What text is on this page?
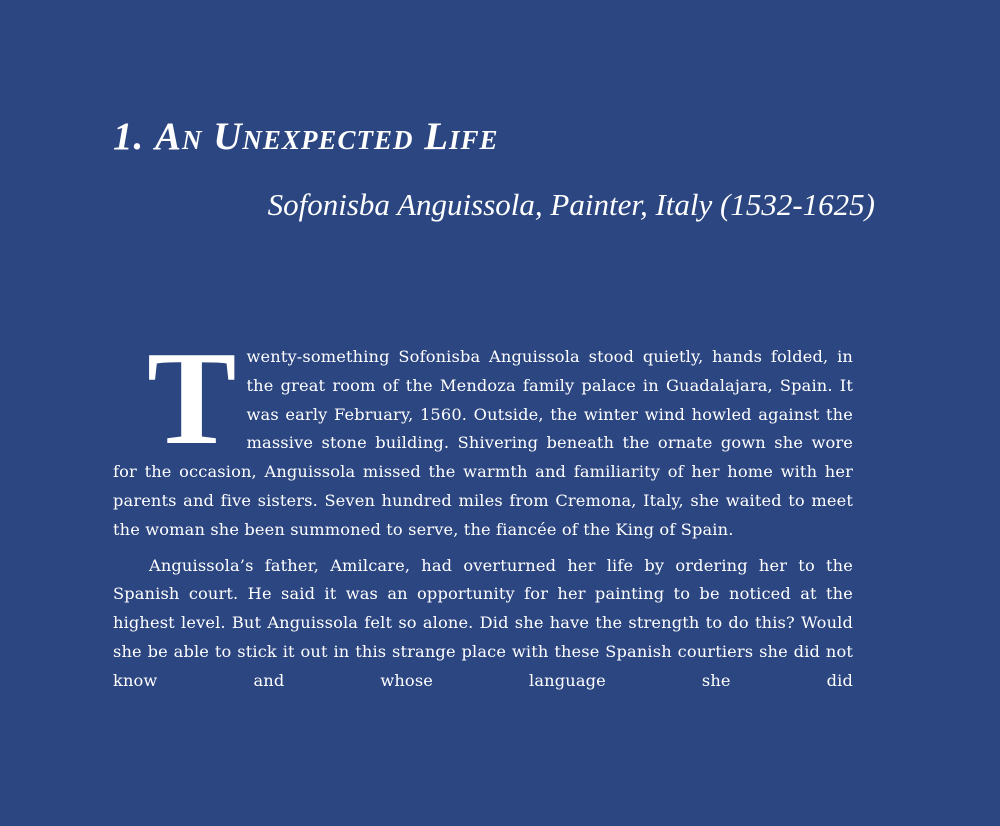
1. An Unexpected Life
Sofonisba Anguissola, Painter, Italy (1532-1625)

T wenty-something Sofonisba Anguissola stood quietly, hands folded, in the great room of the Mendoza family palace in Guadalajara, Spain. It was early February, 1560. Outside, the winter wind howled against the massive stone building. Shivering beneath the ornate gown she wore for the occasion, Anguissola missed the warmth and familiarity of her home with her parents and five sisters. Seven hundred miles from Cremona, Italy, she waited to meet the woman she been summoned to serve, the fiancée of the King of Spain.

Anguissola’s father, Amilcare, had overturned her life by ordering her to the Spanish court. He said it was an opportunity for her painting to be noticed at the highest level. But Anguissola felt so alone. Did she have the strength to do this? Would she be able to stick it out in this strange place with these Spanish courtiers she did not know and whose language she did
